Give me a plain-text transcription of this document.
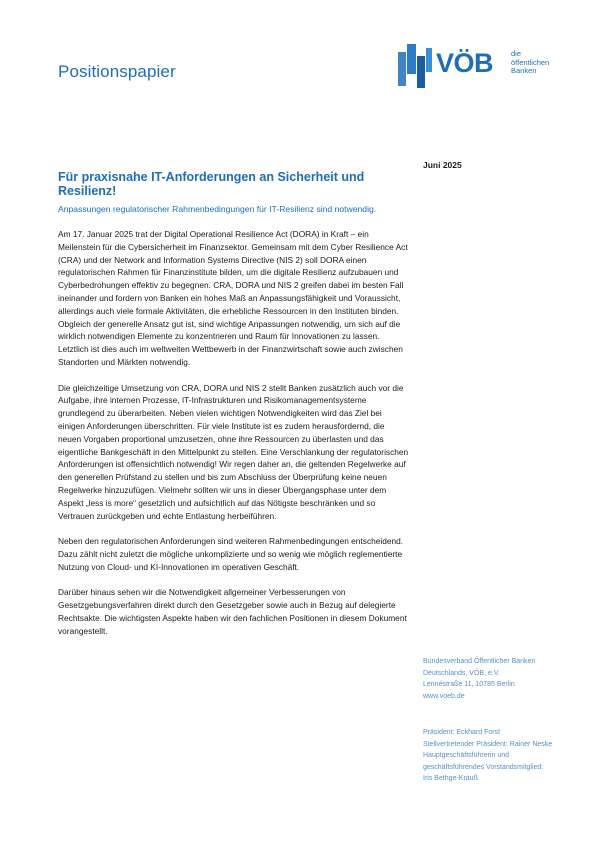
Positionspapier	VÖB die
öffentlichen
Banken
Juni 2025
Für praxisnahe IT-Anforderungen an Sicherheit und Resilienz!

Anpassungen regulatorischer Rahmenbedingungen für IT-Resilienz sind notwendig.

Am 17. Januar 2025 trat der Digital Operational Resilience Act (DORA) in Kraft – ein Meilenstein für die Cybersicherheit im Finanzsektor. Gemeinsam mit dem Cyber Resilience Act (CRA) und der Network and Information Systems Directive (NIS 2) soll DORA einen regulatorischen Rahmen für Finanzinstitute bilden, um die digitale Resilienz aufzubauen und Cyberbedrohungen effektiv zu begegnen. CRA, DORA und NIS 2 greifen dabei im besten Fall ineinander und fordern von Banken ein hohes Maß an Anpassungsfähigkeit und Voraussicht, allerdings auch viele formale Aktivitäten, die erhebliche Ressourcen in den Instituten binden. Obgleich der generelle Ansatz gut ist, sind wichtige Anpassungen notwendig, um sich auf die wirklich notwendigen Elemente zu konzentrieren und Raum für Innovationen zu lassen. Letztlich ist dies auch im weltweiten Wettbewerb in der Finanzwirtschaft sowie auch zwischen Standorten und Märkten notwendig.

Die gleichzeitige Umsetzung von CRA, DORA und NIS 2 stellt Banken zusätzlich auch vor die Aufgabe, ihre internen Prozesse, IT-Infrastrukturen und Risikomanagementsysteme grundlegend zu überarbeiten. Neben vielen wichtigen Notwendigkeiten wird das Ziel bei einigen Anforderungen überschritten. Für viele Institute ist es zudem herausfordernd, die neuen Vorgaben proportional umzusetzen, ohne ihre Ressourcen zu überlasten und das eigentliche Bankgeschäft in den Mittelpunkt zu stellen. Eine Verschlankung der regulatorischen Anforderungen ist offensichtlich notwendig! Wir regen daher an, die geltenden Regelwerke auf den generellen Prüfstand zu stellen und bis zum Abschluss der Überprüfung keine neuen Regelwerke hinzuzufügen. Vielmehr sollten wir uns in dieser Übergangsphase unter dem Aspekt „less is more“ gesetzlich und aufsichtlich auf das Nötigste beschränken und so Vertrauen zurückgeben und echte Entlastung herbeiführen.

Neben den regulatorischen Anforderungen sind weiteren Rahmenbedingungen entscheidend. Dazu zählt nicht zuletzt die mögliche unkomplizierte und so wenig wie möglich reglementierte Nutzung von Cloud- und KI-Innovationen im operativen Geschäft.

Darüber hinaus sehen wir die Notwendigkeit allgemeiner Verbesserungen von Gesetzgebungsverfahren direkt durch den Gesetzgeber sowie auch in Bezug auf delegierte Rechtsakte. Die wichtigsten Aspekte haben wir den fachlichen Positionen in diesem Dokument vorangestellt.

Bundesverband Öffentlicher Banken
Deutschlands, VÖB, e.V.
Lennéstraße 11, 10785 Berlin
www.voeb.de
Präsident: Eckhard Forst
Stellvertretender Präsident: Rainer Neske
Hauptgeschäftsführerin und
geschäftsführendes Vorstandsmitglied:
Iris Bethge-Krauß
